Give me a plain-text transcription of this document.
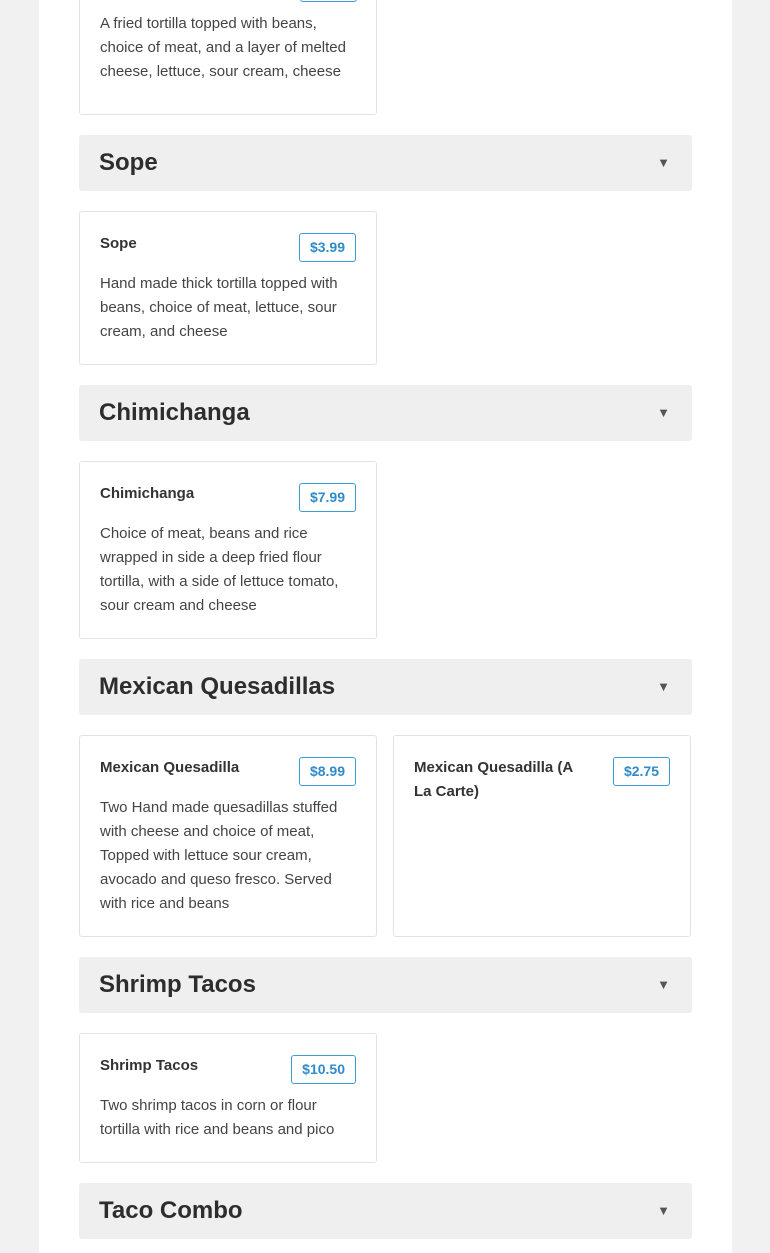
A fried tortilla topped with beans, choice of meat, and a layer of melted cheese, lettuce, sour cream, cheese
Sope	▼
Sope	$3.99
Hand made thick tortilla topped with beans, choice of meat, lettuce, sour cream, and cheese
Chimichanga	▼
Chimichanga	$7.99
Choice of meat, beans and rice wrapped in side a deep fried flour tortilla, with a side of lettuce tomato, sour cream and cheese
Mexican Quesadillas	▼
Mexican Quesadilla	$8.99
Two Hand made quesadillas stuffed with cheese and choice of meat, Topped with lettuce sour cream, avocado and queso fresco. Served with rice and beans
Mexican Quesadilla (A La Carte)
$2.75
Shrimp Tacos	▼
Shrimp Tacos	$10.50
Two shrimp tacos in corn or flour tortilla with rice and beans and pico
Taco Combo	▼
